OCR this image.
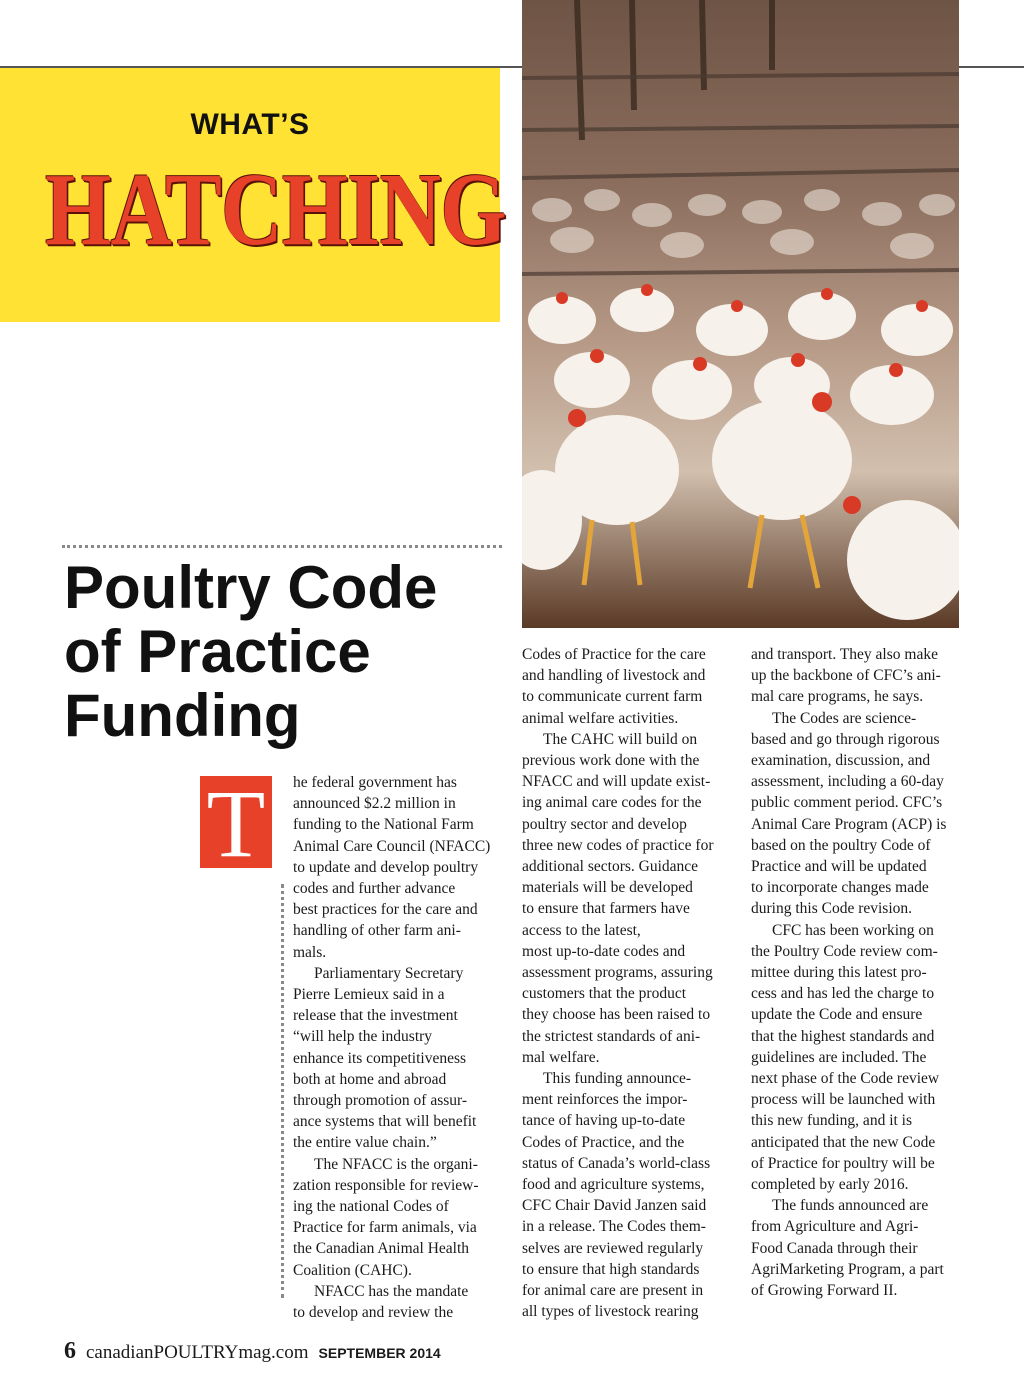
WHAT’S
HATCHING
Poultry Code
of Practice
Funding
T	he federal government has

announced $2.2 million in

funding to the National Farm

Animal Care Council (NFACC)

to update and develop poultry

codes and further advance

best practices for the care and

handling of other farm ani-

mals.

Parliamentary Secretary

Pierre Lemieux said in a

release that the investment

“will help the industry

enhance its competitiveness

both at home and abroad

through promotion of assur-

ance systems that will benefit

the entire value chain.”

The NFACC is the organi-

zation responsible for review-

ing the national Codes of

Practice for farm animals, via

the Canadian Animal Health

Coalition (CAHC).

NFACC has the mandate

to develop and review the

Codes of Practice for the care

and handling of livestock and

to communicate current farm

animal welfare activities.

The CAHC will build on

previous work done with the

NFACC and will update exist-

ing animal care codes for the

poultry sector and develop

three new codes of practice for

additional sectors. Guidance

materials will be developed

to ensure that farmers have

access to the latest,

most up-to-date codes and

assessment programs, assuring

customers that the product

they choose has been raised to

the strictest standards of ani-

mal welfare.

This funding announce-

ment reinforces the impor-

tance of having up-to-date

Codes of Practice, and the

status of Canada’s world-class

food and agriculture systems,

CFC Chair David Janzen said

in a release. The Codes them-

selves are reviewed regularly

to ensure that high standards

for animal care are present in

all types of livestock rearing

and transport. They also make

up the backbone of CFC’s ani-

mal care programs, he says.

The Codes are science-

based and go through rigorous

examination, discussion, and

assessment, including a 60-day

public comment period. CFC’s

Animal Care Program (ACP) is

based on the poultry Code of

Practice and will be updated

to incorporate changes made

during this Code revision.

CFC has been working on

the Poultry Code review com-

mittee during this latest pro-

cess and has led the charge to

update the Code and ensure

that the highest standards and

guidelines are included. The

next phase of the Code review

process will be launched with

this new funding, and it is

anticipated that the new Code

of Practice for poultry will be

completed by early 2016.

The funds announced are

from Agriculture and Agri-

Food Canada through their

AgriMarketing Program, a part

of Growing Forward II.

6 canadianPOULTRYmag.com SEPTEMBER 2014
